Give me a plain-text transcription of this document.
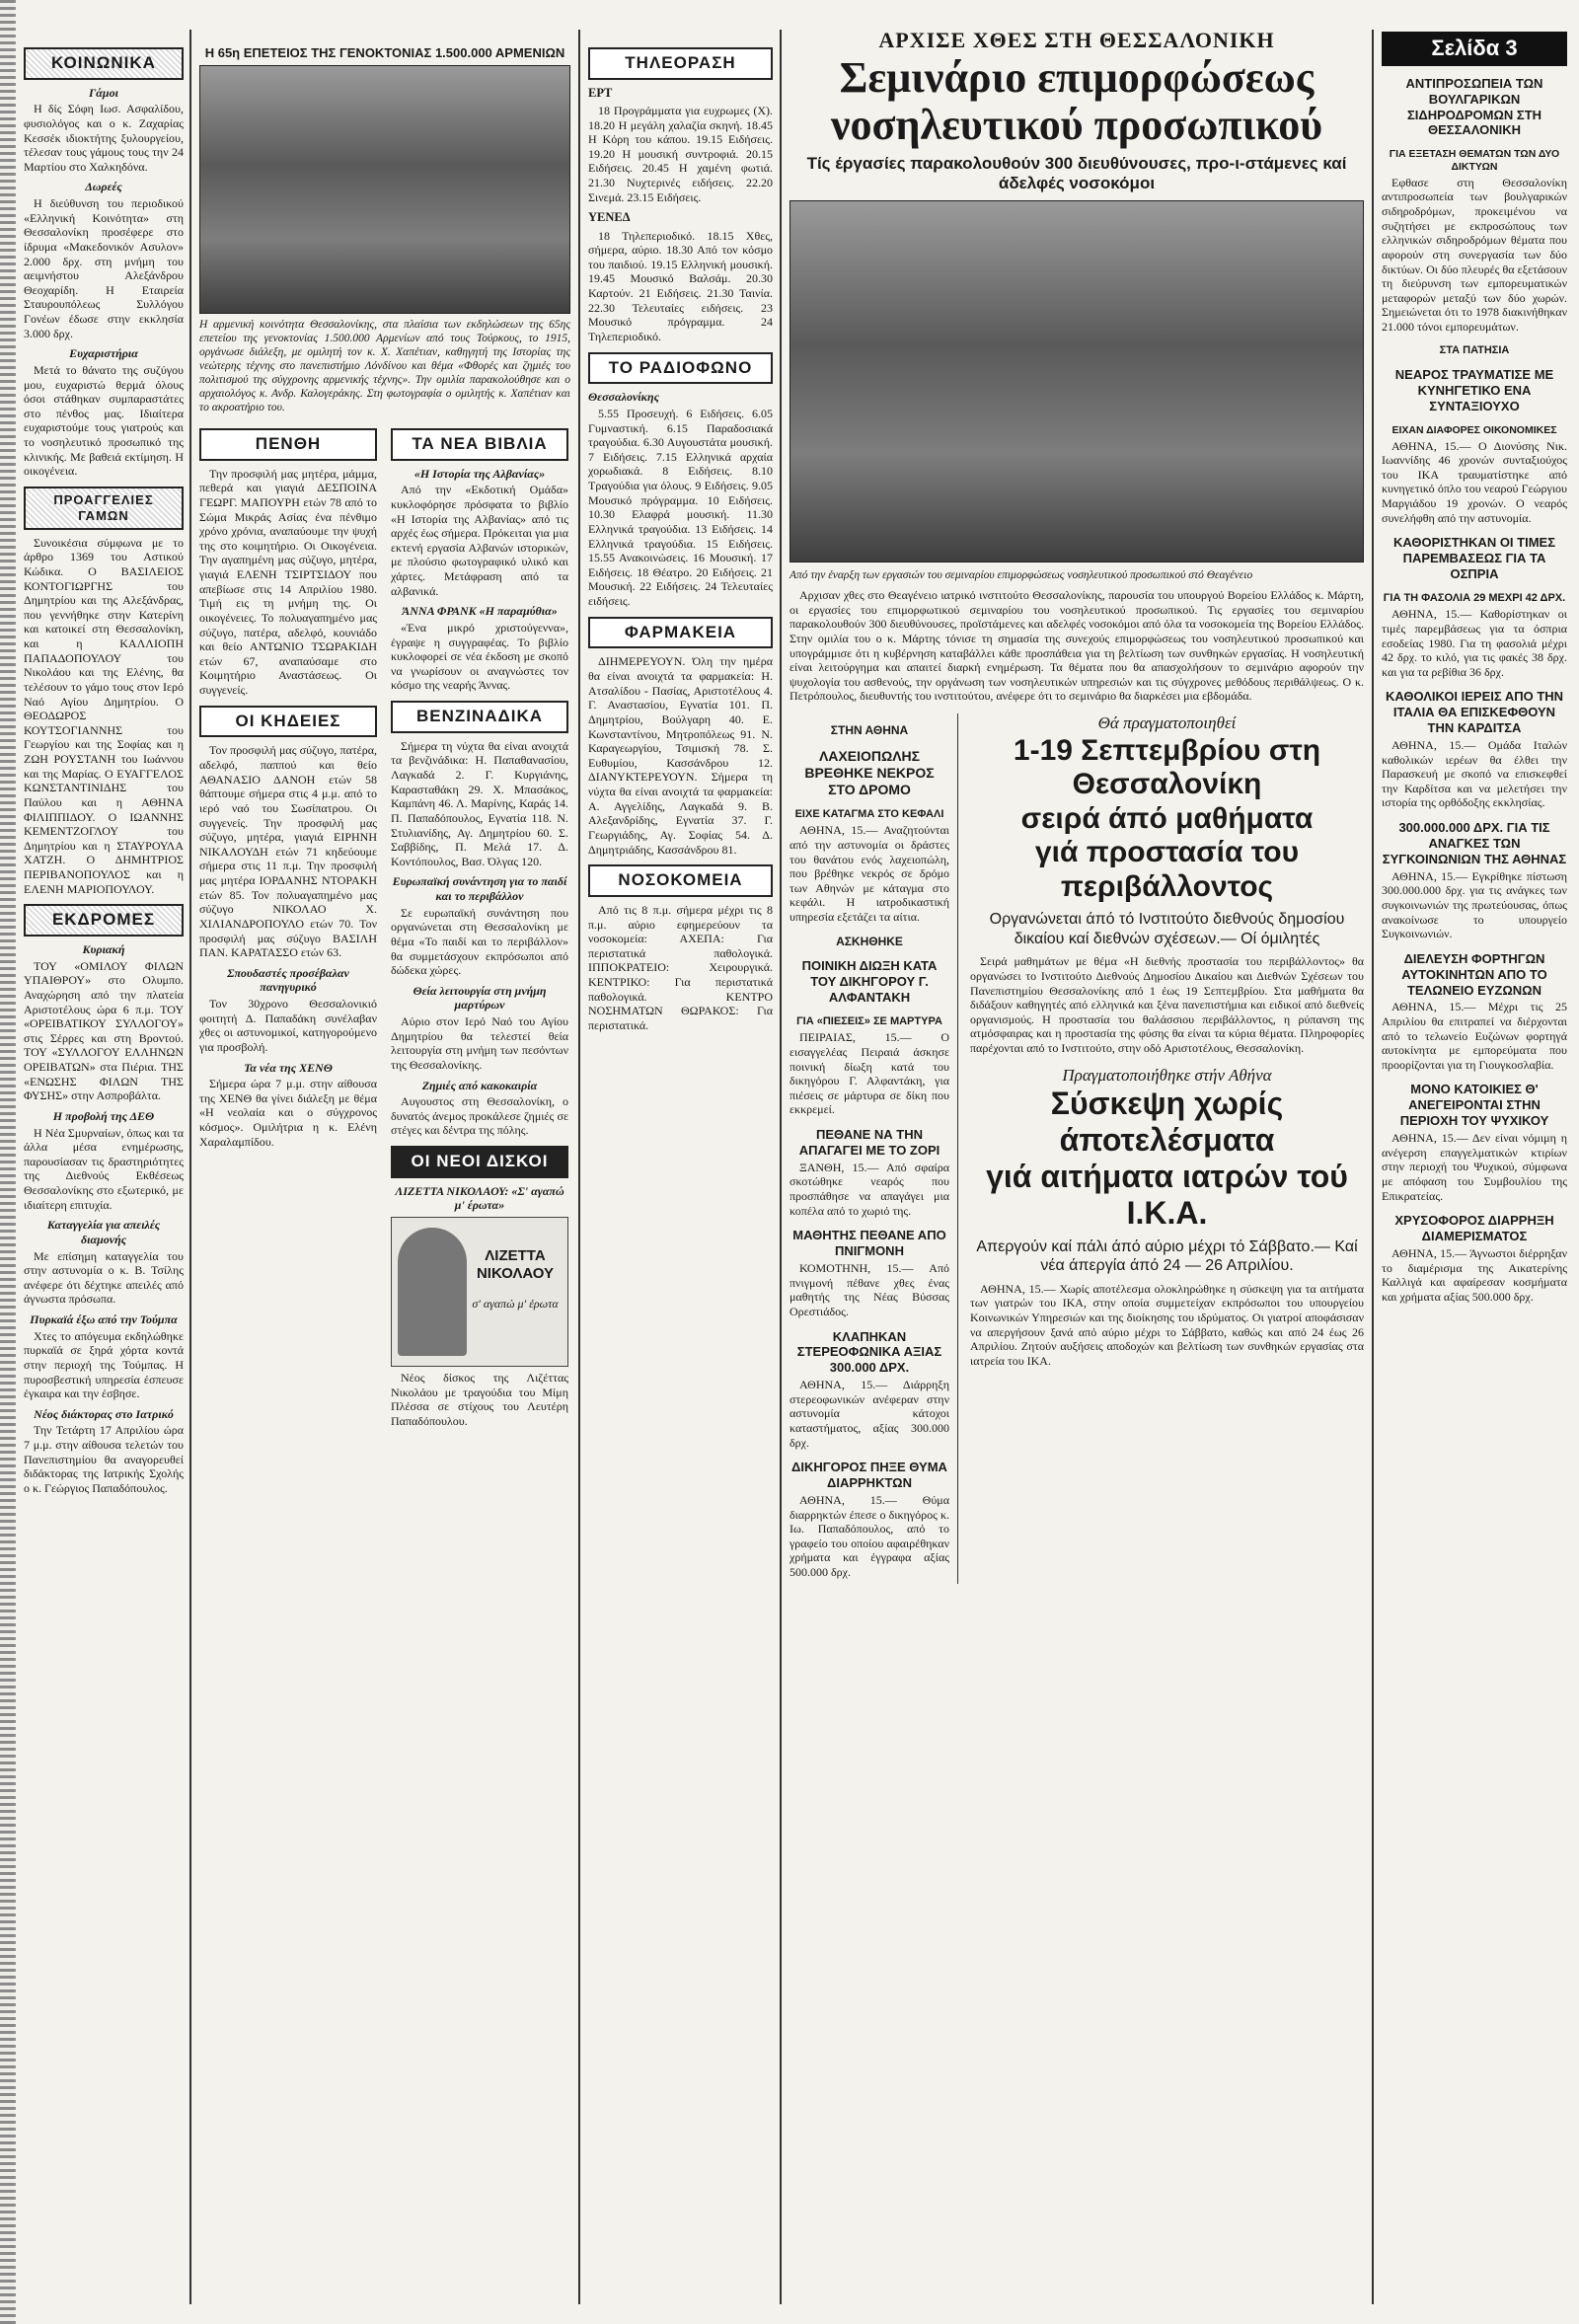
ΚΟΙΝΩΝΙΚΑ
Γάμοι

Η δίς Σόφη Ιωσ. Ασφαλίδου, φυσιολόγος και ο κ. Ζαχαρίας Κεσσέκ ιδιοκτήτης ξυλουργείου, τέλεσαν τους γάμους τους την 24 Μαρτίου στο Χαλκηδόνα.

Δωρεές

Η διεύθυνση του περιοδικού «Ελληνική Κοινότητα» στη Θεσσαλονίκη προσέφερε στο ίδρυμα «Μακεδονικόν Ασυλον» 2.000 δρχ. στη μνήμη του αειμνήστου Αλεξάνδρου Θεοχαρίδη. Η Εταιρεία Σταυρουπόλεως Συλλόγου Γονέων έδωσε στην εκκλησία 3.000 δρχ.

Ευχαριστήρια

Μετά το θάνατο της συζύγου μου, ευχαριστώ θερμά όλους όσοι στάθηκαν συμπαραστάτες στο πένθος μας. Ιδιαίτερα ευχαριστούμε τους γιατρούς και το νοσηλευτικό προσωπικό της κλινικής. Με βαθειά εκτίμηση. Η οικογένεια.

ΠΡΟΑΓΓΕΛΙΕΣ ΓΑΜΩΝ

Συνοικέσια σύμφωνα με το άρθρο 1369 του Αστικού Κώδικα. Ο ΒΑΣΙΛΕΙΟΣ ΚΟΝΤΟΓΙΩΡΓΗΣ του Δημητρίου και της Αλεξάνδρας, που γεννήθηκε στην Κατερίνη και κατοικεί στη Θεσσαλονίκη, και η ΚΑΛΛΙΟΠΗ ΠΑΠΑΔΟΠΟΥΛΟΥ του Νικολάου και της Ελένης, θα τελέσουν το γάμο τους στον Ιερό Ναό Αγίου Δημητρίου. Ο ΘΕΟΔΩΡΟΣ ΚΟΥΤΣΟΓΙΑΝΝΗΣ του Γεωργίου και της Σοφίας και η ΖΩΗ ΡΟΥΣΤΑΝΗ του Ιωάννου και της Μαρίας. Ο ΕΥΑΓΓΕΛΟΣ ΚΩΝΣΤΑΝΤΙΝΙΔΗΣ του Παύλου και η ΑΘΗΝΑ ΦΙΛΙΠΠΙΔΟΥ. Ο ΙΩΑΝΝΗΣ ΚΕΜΕΝΤΖΟΓΛΟΥ του Δημητρίου και η ΣΤΑΥΡΟΥΛΑ ΧΑΤΖΗ. Ο ΔΗΜΗΤΡΙΟΣ ΠΕΡΙΒΑΝΟΠΟΥΛΟΣ και η ΕΛΕΝΗ ΜΑΡΙΟΠΟΥΛΟΥ.

ΕΚΔΡΟΜΕΣ
Κυριακή

ΤΟΥ «ΟΜΙΛΟΥ ΦΙΛΩΝ ΥΠΑΙΘΡΟΥ» στο Ολυμπο. Αναχώρηση από την πλατεία Αριστοτέλους ώρα 6 π.μ. ΤΟΥ «ΟΡΕΙΒΑΤΙΚΟΥ ΣΥΛΛΟΓΟΥ» στις Σέρρες και στη Βροντού. ΤΟΥ «ΣΥΛΛΟΓΟΥ ΕΛΛΗΝΩΝ ΟΡΕΙΒΑΤΩΝ» στα Πιέρια. ΤΗΣ «ΕΝΩΣΗΣ ΦΙΛΩΝ ΤΗΣ ΦΥΣΗΣ» στην Ασπροβάλτα.

Η προβολή της ΔΕΘ

Η Νέα Σμυρναίων, όπως και τα άλλα μέσα ενημέρωσης, παρουσίασαν τις δραστηριότητες της Διεθνούς Εκθέσεως Θεσσαλονίκης στο εξωτερικό, με ιδιαίτερη επιτυχία.

Καταγγελία για απειλές διαμονής

Με επίσημη καταγγελία του στην αστυνομία ο κ. Β. Τσίλης ανέφερε ότι δέχτηκε απειλές από άγνωστα πρόσωπα.

Πυρκαϊά έξω από την Τούμπα

Χτες το απόγευμα εκδηλώθηκε πυρκαϊά σε ξηρά χόρτα κοντά στην περιοχή της Τούμπας. Η πυροσβεστική υπηρεσία έσπευσε έγκαιρα και την έσβησε.

Νέος διάκτορας στο Ιατρικό

Την Τετάρτη 17 Απριλίου ώρα 7 μ.μ. στην αίθουσα τελετών του Πανεπιστημίου θα αναγορευθεί διδάκτορας της Ιατρικής Σχολής ο κ. Γεώργιος Παπαδόπουλος.

Η 65η ΕΠΕΤΕΙΟΣ ΤΗΣ ΓΕΝΟΚΤΟΝΙΑΣ 1.500.000 ΑΡΜΕΝΙΩΝ
Η αρμενική κοινότητα Θεσσαλονίκης, στα πλαίσια των εκδηλώσεων της 65ης επετείου της γενοκτονίας 1.500.000 Αρμενίων από τους Τούρκους, το 1915, οργάνωσε διάλεξη, με ομιλητή τον κ. Χ. Χαπέτιαν, καθηγητή της Ιστορίας της νεώτερης τέχνης στο πανεπιστήμιο Λόνδίνου και θέμα «Φθορές και ζημιές του πολιτισμού της σύγχρονης αρμενικής τέχνης». Την ομιλία παρακολούθησε και ο αρχαιολόγος κ. Ανδρ. Καλογεράκης. Στη φωτογραφία ο ομιλητής κ. Χαπέτιαν και το ακροατήριο του.
ΠΕΝΘΗ

Την προσφιλή μας μητέρα, μάμμα, πεθερά και γιαγιά ΔΕΣΠΟΙΝΑ ΓΕΩΡΓ. ΜΑΠΟΥΡΗ ετών 78 από το Σώμα Μικράς Ασίας ένα πένθιμο χρόνο χρόνια, αναπαύουμε την ψυχή της στο κοιμητήριο. Οι Οικογένεια. Την αγαπημένη μας σύζυγο, μητέρα, γιαγιά ΕΛΕΝΗ ΤΣΙΡΤΣΙΔΟΥ που απεβίωσε στις 14 Απριλίου 1980. Τιμή εις τη μνήμη της. Οι οικογένειες. Το πολυαγαπημένο μας σύζυγο, πατέρα, αδελφό, κουνιάδο και θείο ΑΝΤΩΝΙΟ ΤΣΩΡΑΚΙΔΗ ετών 67, αναπαύσαμε στο Κοιμητήριο Αναστάσεως. Οι συγγενείς.

ΟΙ ΚΗΔΕΙΕΣ

Τον προσφιλή μας σύζυγο, πατέρα, αδελφό, παππού και θείο ΑΘΑΝΑΣΙΟ ΔΑΝΟΗ ετών 58 θάπτουμε σήμερα στις 4 μ.μ. από το ιερό ναό του Σωσίπατρου. Οι συγγενείς. Την προσφιλή μας σύζυγο, μητέρα, γιαγιά ΕΙΡΗΝΗ ΝΙΚΑΛΟΥΔΗ ετών 71 κηδεύουμε σήμερα στις 11 π.μ. Την προσφιλή μας μητέρα ΙΟΡΔΑΝΗΣ ΝΤΟΡΑΚΗ ετών 85. Τον πολυαγαπημένο μας σύζυγο ΝΙΚΟΛΑΟ Χ. ΧΙΛΙΑΝΔΡΟΠΟΥΛΟ ετών 70. Τον προσφιλή μας σύζυγο ΒΑΣΙΛΗ ΠΑΝ. ΚΑΡΑΤΑΣΣΟ ετών 63.

Σπουδαστές προσέβαλαν πανηγυρικό

Τον 30χρονο Θεσσαλονικιό φοιτητή Δ. Παπαδάκη συνέλαβαν χθες οι αστυνομικοί, κατηγορούμενο για προσβολή.

Τα νέα της ΧΕΝΘ

Σήμερα ώρα 7 μ.μ. στην αίθουσα της ΧΕΝΘ θα γίνει διάλεξη με θέμα «Η νεολαία και ο σύγχρονος κόσμος». Ομιλήτρια η κ. Ελένη Χαραλαμπίδου.

ΤΑ ΝΕΑ ΒΙΒΛΙΑ
«Η Ιστορία της Αλβανίας»

Από την «Εκδοτική Ομάδα» κυκλοφόρησε πρόσφατα το βιβλίο «Η Ιστορία της Αλβανίας» από τις αρχές έως σήμερα. Πρόκειται για μια εκτενή εργασία Αλβανών ιστορικών, με πλούσιο φωτογραφικό υλικό και χάρτες. Μετάφραση από τα αλβανικά.

ΆΝΝΑ ΦΡΑΝΚ «Η παραμύθια»

«Ένα μικρό χριστούγεννα», έγραψε η συγγραφέας. Το βιβλίο κυκλοφορεί σε νέα έκδοση με σκοπό να γνωρίσουν οι αναγνώστες τον κόσμο της νεαρής Άννας.

ΒΕΝΖΙΝΑΔΙΚΑ

Σήμερα τη νύχτα θα είναι ανοιχτά τα βενζινάδικα: Η. Παπαθανασίου, Λαγκαδά 2. Γ. Κυργιάνης, Καρασταθάκη 29. Χ. Μπασάκος, Καμπάνη 46. Λ. Μαρίνης, Καράς 14. Π. Παπαδόπουλος, Εγνατία 118. Ν. Στυλιανίδης, Αγ. Δημητρίου 60. Σ. Σαββίδης, Π. Μελά 17. Δ. Κοντόπουλος, Βασ. Όλγας 120.

Ευρωπαϊκή συνάντηση για το παιδί και το περιβάλλον

Σε ευρωπαϊκή συνάντηση που οργανώνεται στη Θεσσαλονίκη με θέμα «Το παιδί και το περιβάλλον» θα συμμετάσχουν εκπρόσωποι από δώδεκα χώρες.

Θεία λειτουργία στη μνήμη μαρτύρων

Αύριο στον Ιερό Ναό του Αγίου Δημητρίου θα τελεστεί θεία λειτουργία στη μνήμη των πεσόντων της Θεσσαλονίκης.

Ζημιές από κακοκαιρία

Αυγουστος στη Θεσσαλονίκη, ο δυνατός άνεμος προκάλεσε ζημιές σε στέγες και δέντρα της πόλης.

ΟΙ ΝΕΟΙ ΔΙΣΚΟΙ
ΛΙΖΕΤΤΑ ΝΙΚΟΛΑΟΥ: «Σ' αγαπώ μ' έρωτα»
ΛΙΖΕΤΤΑ ΝΙΚΟΛΑΟΥ
σ' αγαπώ μ' έρωτα

Νέος δίσκος της Λιζέττας Νικολάου με τραγούδια του Μίμη Πλέσσα σε στίχους του Λευτέρη Παπαδόπουλου.

ΤΗΛΕΟΡΑΣΗ
ΕΡΤ

18 Προγράμματα για ευχρωμες (Χ). 18.20 Η μεγάλη χαλαζία σκηνή. 18.45 Η Κόρη του κάπου. 19.15 Ειδήσεις. 19.20 Η μουσική συντροφιά. 20.15 Ειδήσεις. 20.45 Η χαμένη φωτιά. 21.30 Νυχτερινές ειδήσεις. 22.20 Σινεμά. 23.15 Ειδήσεις.

ΥΕΝΕΔ

18 Τηλεπεριοδικό. 18.15 Χθες, σήμερα, αύριο. 18.30 Από τον κόσμο του παιδιού. 19.15 Ελληνική μουσική. 19.45 Μουσικό Βαλσάμ. 20.30 Καρτούν. 21 Ειδήσεις. 21.30 Ταινία. 22.30 Τελευταίες ειδήσεις. 23 Μουσικό πρόγραμμα. 24 Τηλεπεριοδικό.

ΤΟ ΡΑΔΙΟΦΩΝΟ
Θεσσαλονίκης

5.55 Προσευχή. 6 Ειδήσεις. 6.05 Γυμναστική. 6.15 Παραδοσιακά τραγούδια. 6.30 Αυγουστάτα μουσική. 7 Ειδήσεις. 7.15 Ελληνικά αρχαία χορωδιακά. 8 Ειδήσεις. 8.10 Τραγούδια για όλους. 9 Ειδήσεις. 9.05 Μουσικό πρόγραμμα. 10 Ειδήσεις. 10.30 Ελαφρά μουσική. 11.30 Ελληνικά τραγούδια. 13 Ειδήσεις. 14 Ελληνικά τραγούδια. 15 Ειδήσεις. 15.55 Ανακοινώσεις. 16 Μουσική. 17 Ειδήσεις. 18 Θέατρο. 20 Ειδήσεις. 21 Μουσική. 22 Ειδήσεις. 24 Τελευταίες ειδήσεις.

ΦΑΡΜΑΚΕΙΑ

ΔΙΗΜΕΡΕΥΟΥΝ. Όλη την ημέρα θα είναι ανοιχτά τα φαρμακεία: Η. Ατσαλίδου - Πασίας, Αριστοτέλους 4. Γ. Αναστασίου, Εγνατία 101. Π. Δημητρίου, Βούλγαρη 40. Ε. Κωνσταντίνου, Μητροπόλεως 91. Ν. Καραγεωργίου, Τσιμισκή 78. Σ. Ευθυμίου, Κασσάνδρου 12. ΔΙΑΝΥΚΤΕΡΕΥΟΥΝ. Σήμερα τη νύχτα θα είναι ανοιχτά τα φαρμακεία: Α. Αγγελίδης, Λαγκαδά 9. Β. Αλεξανδρίδης, Εγνατία 37. Γ. Γεωργιάδης, Αγ. Σοφίας 54. Δ. Δημητριάδης, Κασσάνδρου 81.

ΝΟΣΟΚΟΜΕΙΑ

Από τις 8 π.μ. σήμερα μέχρι τις 8 π.μ. αύριο εφημερεύουν τα νοσοκομεία: ΑΧΕΠΑ: Για περιστατικά παθολογικά. ΙΠΠΟΚΡΑΤΕΙΟ: Χειρουργικά. ΚΕΝΤΡΙΚΟ: Για περιστατικά παθολογικά. ΚΕΝΤΡΟ ΝΟΣΗΜΑΤΩΝ ΘΩΡΑΚΟΣ: Για περιστατικά.

ΑΡΧΙΣΕ ΧΘΕΣ ΣΤΗ ΘΕΣΣΑΛΟΝΙΚΗ
Σεμινάριο επιμορφώσεως
νοσηλευτικού προσωπικού
Τίς έργασίες παρακολουθούν 300 διευθύνουσες, προ-ι-στάμενες καί άδελφές νοσοκόμοι
Από την έναρξη των εργασιών του σεμιναρίου επιμορφώσεως νοσηλευτικού προσωπικού στό Θεαγένειο

Αρχισαν χθες στο Θεαγένειο ιατρικό ινστιτούτο Θεσσαλονίκης, παρουσία του υπουργού Βορείου Ελλάδος κ. Μάρτη, οι εργασίες του επιμορφωτικού σεμιναρίου του νοσηλευτικού προσωπικού. Τις εργασίες του σεμιναρίου παρακολουθούν 300 διευθύνουσες, προϊστάμενες και αδελφές νοσοκόμοι από όλα τα νοσοκομεία της Βορείου Ελλάδος. Στην ομιλία του ο κ. Μάρτης τόνισε τη σημασία της συνεχούς επιμορφώσεως του νοσηλευτικού προσωπικού και υπογράμμισε ότι η κυβέρνηση καταβάλλει κάθε προσπάθεια για τη βελτίωση των συνθηκών εργασίας. Η νοσηλευτική είναι λειτούργημα και απαιτεί διαρκή ενημέρωση. Τα θέματα που θα απασχολήσουν το σεμινάριο αφορούν την ψυχολογία του ασθενούς, την οργάνωση των νοσηλευτικών υπηρεσιών και τις σύγχρονες μεθόδους περιθάλψεως. Ο κ. Πετρόπουλος, διευθυντής του ινστιτούτου, ανέφερε ότι το σεμινάριο θα διαρκέσει μια εβδομάδα.

ΣΤΗΝ ΑΘΗΝΑ
ΛΑΧΕΙΟΠΩΛΗΣ ΒΡΕΘΗΚΕ ΝΕΚΡΟΣ ΣΤΟ ΔΡΟΜΟ
ΕΙΧΕ ΚΑΤΑΓΜΑ ΣΤΟ ΚΕΦΑΛΙ

ΑΘΗΝΑ, 15.— Αναζητούνται από την αστυνομία οι δράστες του θανάτου ενός λαχειοπώλη, που βρέθηκε νεκρός σε δρόμο των Αθηνών με κάταγμα στο κεφάλι. Η ιατροδικαστική υπηρεσία εξετάζει τα αίτια.

ΑΣΚΗΘΗΚΕ
ΠΟΙΝΙΚΗ ΔΙΩΞΗ ΚΑΤΑ ΤΟΥ ΔΙΚΗΓΟΡΟΥ Γ. ΑΛΦΑΝΤΑΚΗ
ΓΙΑ «ΠΙΕΣΕΙΣ» ΣΕ ΜΑΡΤΥΡΑ

ΠΕΙΡΑΙΑΣ, 15.— Ο εισαγγελέας Πειραιά άσκησε ποινική δίωξη κατά του δικηγόρου Γ. Αλφαντάκη, για πιέσεις σε μάρτυρα σε δίκη που εκκρεμεί.

ΠΕΘΑΝΕ ΝΑ ΤΗΝ ΑΠΑΓΑΓΕΙ ΜΕ ΤΟ ΖΟΡΙ

ΞΑΝΘΗ, 15.— Από σφαίρα σκοτώθηκε νεαρός που προσπάθησε να απαγάγει μια κοπέλα από το χωριό της.

ΜΑΘΗΤΗΣ ΠΕΘΑΝΕ ΑΠΟ ΠΝΙΓΜΟΝΗ

ΚΟΜΟΤΗΝΗ, 15.— Από πνιγμονή πέθανε χθες ένας μαθητής της Νέας Βύσσας Ορεστιάδος.

ΚΛΑΠΗΚΑΝ ΣΤΕΡΕΟΦΩΝΙΚΑ ΑΞΙΑΣ 300.000 ΔΡΧ.

ΑΘΗΝΑ, 15.— Διάρρηξη στερεοφωνικών ανέφεραν στην αστυνομία κάτοχοι καταστήματος, αξίας 300.000 δρχ.

ΔΙΚΗΓΟΡΟΣ ΠΗΞΕ ΘΥΜΑ ΔΙΑΡΡΗΚΤΩΝ

ΑΘΗΝΑ, 15.— Θύμα διαρρηκτών έπεσε ο δικηγόρος κ. Ιω. Παπαδόπουλος, από το γραφείο του οποίου αφαιρέθηκαν χρήματα και έγγραφα αξίας 500.000 δρχ.

Θά πραγματοποιηθεί
1-19 Σεπτεμβρίου στη Θεσσαλονίκη
σειρά άπό μαθήματα
γιά προστασία του περιβάλλοντος
Οργανώνεται άπό τό Ινστιτούτο διεθνούς δημοσίου δικαίου καί διεθνών σχέσεων.— Οί όμιλητές

Σειρά μαθημάτων με θέμα «Η διεθνής προστασία του περιβάλλοντος» θα οργανώσει το Ινστιτούτο Διεθνούς Δημοσίου Δικαίου και Διεθνών Σχέσεων του Πανεπιστημίου Θεσσαλονίκης από 1 έως 19 Σεπτεμβρίου. Στα μαθήματα θα διδάξουν καθηγητές από ελληνικά και ξένα πανεπιστήμια και ειδικοί από διεθνείς οργανισμούς. Η προστασία του θαλάσσιου περιβάλλοντος, η ρύπανση της ατμόσφαιρας και η προστασία της φύσης θα είναι τα κύρια θέματα. Πληροφορίες παρέχονται από το Ινστιτούτο, στην οδό Αριστοτέλους, Θεσσαλονίκη.

Πραγματοποιήθηκε στήν Αθήνα
Σύσκεψη χωρίς άποτελέσματα
γιά αιτήματα ιατρών τού Ι.Κ.Α.
Απεργούν καί πάλι άπό αύριο μέχρι τό Σάββατο.— Καί νέα άπεργία άπό 24 — 26 Απριλίου.

ΑΘΗΝΑ, 15.— Χωρίς αποτέλεσμα ολοκληρώθηκε η σύσκεψη για τα αιτήματα των γιατρών του ΙΚΑ, στην οποία συμμετείχαν εκπρόσωποι του υπουργείου Κοινωνικών Υπηρεσιών και της διοίκησης του ιδρύματος. Οι γιατροί αποφάσισαν να απεργήσουν ξανά από αύριο μέχρι το Σάββατο, καθώς και από 24 έως 26 Απριλίου. Ζητούν αυξήσεις αποδοχών και βελτίωση των συνθηκών εργασίας στα ιατρεία του ΙΚΑ.

Σελίδα 3
ΑΝΤΙΠΡΟΣΩΠΕΙΑ ΤΩΝ ΒΟΥΛΓΑΡΙΚΩΝ ΣΙΔΗΡΟΔΡΟΜΩΝ ΣΤΗ ΘΕΣΣΑΛΟΝΙΚΗ
ΓΙΑ ΕΞΕΤΑΣΗ ΘΕΜΑΤΩΝ ΤΩΝ ΔΥΟ ΔΙΚΤΥΩΝ

Εφθασε στη Θεσσαλονίκη αντιπροσωπεία των βουλγαρικών σιδηροδρόμων, προκειμένου να συζητήσει με εκπροσώπους των ελληνικών σιδηροδρόμων θέματα που αφορούν στη συνεργασία των δύο δικτύων. Οι δύο πλευρές θα εξετάσουν τη διεύρυνση των εμπορευματικών μεταφορών μεταξύ των δύο χωρών. Σημειώνεται ότι το 1978 διακινήθηκαν 21.000 τόνοι εμπορευμάτων.

ΣΤΑ ΠΑΤΗΣΙΑ
ΝΕΑΡΟΣ ΤΡΑΥΜΑΤΙΣΕ ΜΕ ΚΥΝΗΓΕΤΙΚΟ ΕΝΑ ΣΥΝΤΑΞΙΟΥΧΟ
ΕΙΧΑΝ ΔΙΑΦΟΡΕΣ ΟΙΚΟΝΟΜΙΚΕΣ

ΑΘΗΝΑ, 15.— Ο Διονύσης Νικ. Ιωαννίδης 46 χρονών συνταξιούχος του ΙΚΑ τραυματίστηκε από κυνηγετικό όπλο του νεαρού Γεώργιου Μαργιάδου 19 χρονών. Ο νεαρός συνελήφθη από την αστυνομία.

ΚΑΘΟΡΙΣΤΗΚΑΝ ΟΙ ΤΙΜΕΣ ΠΑΡΕΜΒΑΣΕΩΣ ΓΙΑ ΤΑ ΟΣΠΡΙΑ
ΓΙΑ ΤΗ ΦΑΣΟΛΙΑ 29 ΜΕΧΡΙ 42 ΔΡΧ.

ΑΘΗΝΑ, 15.— Καθορίστηκαν οι τιμές παρεμβάσεως για τα όσπρια εσοδείας 1980. Για τη φασολιά μέχρι 42 δρχ. το κιλό, για τις φακές 38 δρχ. και για τα ρεβίθια 36 δρχ.

ΚΑΘΟΛΙΚΟΙ ΙΕΡΕΙΣ ΑΠΟ ΤΗΝ ΙΤΑΛΙΑ ΘΑ ΕΠΙΣΚΕΦΘΟΥΝ ΤΗΝ ΚΑΡΔΙΤΣΑ

ΑΘΗΝΑ, 15.— Ομάδα Ιταλών καθολικών ιερέων θα έλθει την Παρασκευή με σκοπό να επισκεφθεί την Καρδίτσα και να μελετήσει την ιστορία της ορθόδοξης εκκλησίας.

300.000.000 ΔΡΧ. ΓΙΑ ΤΙΣ ΑΝΑΓΚΕΣ ΤΩΝ ΣΥΓΚΟΙΝΩΝΙΩΝ ΤΗΣ ΑΘΗΝΑΣ

ΑΘΗΝΑ, 15.— Εγκρίθηκε πίστωση 300.000.000 δρχ. για τις ανάγκες των συγκοινωνιών της πρωτεύουσας, όπως ανακοίνωσε το υπουργείο Συγκοινωνιών.

ΔΙΕΛΕΥΣΗ ΦΟΡΤΗΓΩΝ ΑΥΤΟΚΙΝΗΤΩΝ ΑΠΟ ΤΟ ΤΕΛΩΝΕΙΟ ΕΥΖΩΝΩΝ

ΑΘΗΝΑ, 15.— Μέχρι τις 25 Απριλίου θα επιτραπεί να διέρχονται από το τελωνείο Ευζώνων φορτηγά αυτοκίνητα με εμπορεύματα που προορίζονται για τη Γιουγκοσλαβία.

ΜΟΝΟ ΚΑΤΟΙΚΙΕΣ Θ' ΑΝΕΓΕΙΡΟΝΤΑΙ ΣΤΗΝ ΠΕΡΙΟΧΗ ΤΟΥ ΨΥΧΙΚΟΥ

ΑΘΗΝΑ, 15.— Δεν είναι νόμιμη η ανέγερση επαγγελματικών κτιρίων στην περιοχή του Ψυχικού, σύμφωνα με απόφαση του Συμβουλίου της Επικρατείας.

ΧΡΥΣΟΦΟΡΟΣ ΔΙΑΡΡΗΞΗ ΔΙΑΜΕΡΙΣΜΑΤΟΣ

ΑΘΗΝΑ, 15.— Άγνωστοι διέρρηξαν το διαμέρισμα της Αικατερίνης Καλλιγά και αφαίρεσαν κοσμήματα και χρήματα αξίας 500.000 δρχ.
